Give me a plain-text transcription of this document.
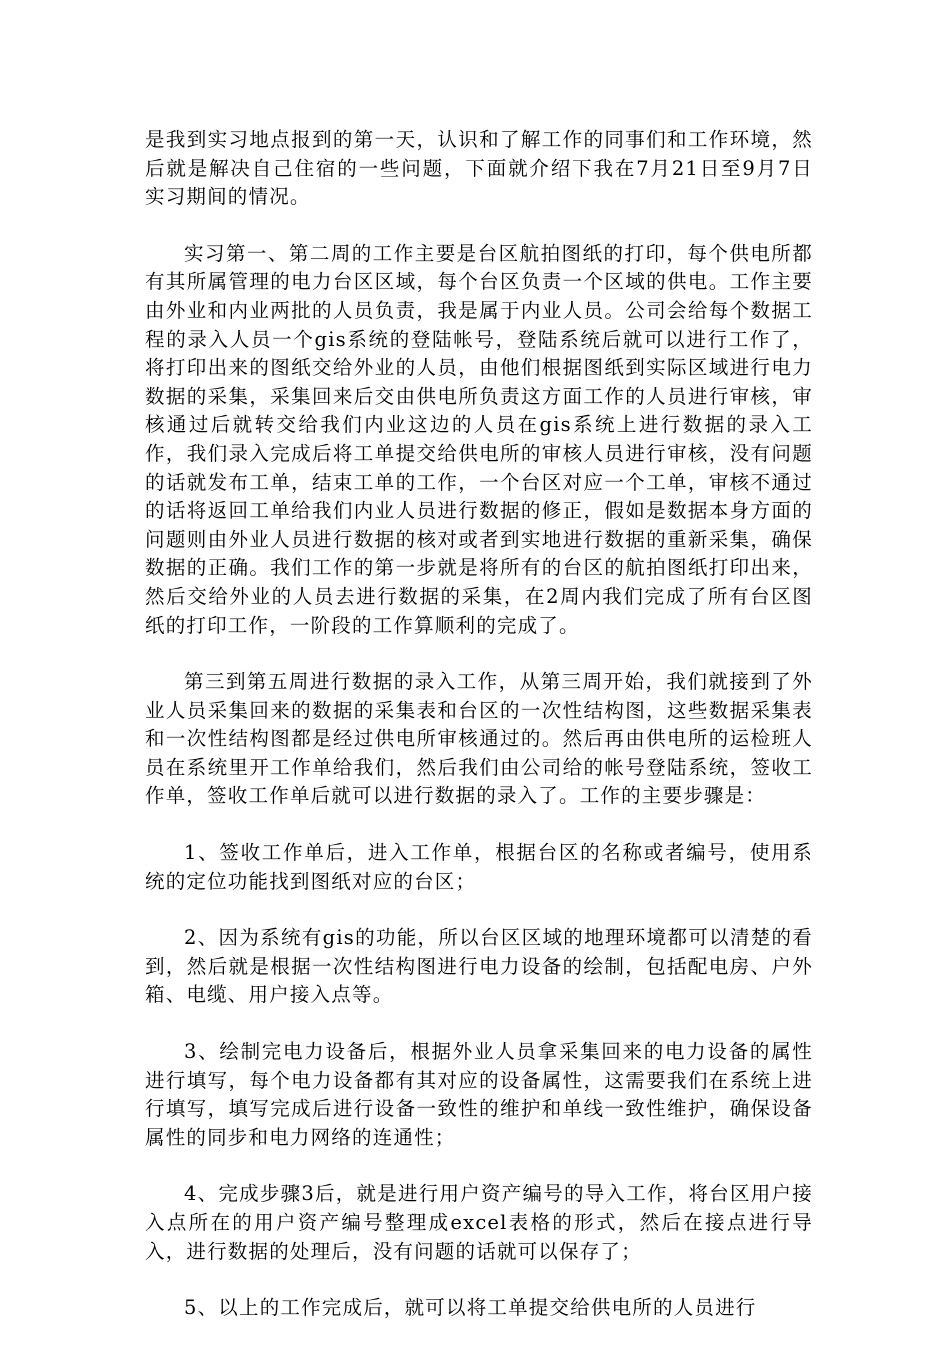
是我到实习地点报到的第一天，认识和了解工作的同事们和工作环境，然后就是解决自己住宿的一些问题，下面就介绍下我在7月21日至9月7日实习期间的情况。

实习第一、第二周的工作主要是台区航拍图纸的打印，每个供电所都有其所属管理的电力台区区域，每个台区负责一个区域的供电。工作主要由外业和内业两批的人员负责，我是属于内业人员。公司会给每个数据工程的录入人员一个gis系统的登陆帐号，登陆系统后就可以进行工作了，将打印出来的图纸交给外业的人员，由他们根据图纸到实际区域进行电力数据的采集，采集回来后交由供电所负责这方面工作的人员进行审核，审核通过后就转交给我们内业这边的人员在gis系统上进行数据的录入工作，我们录入完成后将工单提交给供电所的审核人员进行审核，没有问题的话就发布工单，结束工单的工作，一个台区对应一个工单，审核不通过的话将返回工单给我们内业人员进行数据的修正，假如是数据本身方面的问题则由外业人员进行数据的核对或者到实地进行数据的重新采集，确保数据的正确。我们工作的第一步就是将所有的台区的航拍图纸打印出来，然后交给外业的人员去进行数据的采集，在2周内我们完成了所有台区图纸的打印工作，一阶段的工作算顺利的完成了。

第三到第五周进行数据的录入工作，从第三周开始，我们就接到了外业人员采集回来的数据的采集表和台区的一次性结构图，这些数据采集表和一次性结构图都是经过供电所审核通过的。然后再由供电所的运检班人员在系统里开工作单给我们，然后我们由公司给的帐号登陆系统，签收工作单，签收工作单后就可以进行数据的录入了。工作的主要步骤是：

1、签收工作单后，进入工作单，根据台区的名称或者编号，使用系统的定位功能找到图纸对应的台区；

2、因为系统有gis的功能，所以台区区域的地理环境都可以清楚的看到，然后就是根据一次性结构图进行电力设备的绘制，包括配电房、户外箱、电缆、用户接入点等。

3、绘制完电力设备后，根据外业人员拿采集回来的电力设备的属性进行填写，每个电力设备都有其对应的设备属性，这需要我们在系统上进行填写，填写完成后进行设备一致性的维护和单线一致性维护，确保设备属性的同步和电力网络的连通性；

4、完成步骤3后，就是进行用户资产编号的导入工作，将台区用户接入点所在的用户资产编号整理成excel表格的形式，然后在接点进行导入，进行数据的处理后，没有问题的话就可以保存了；

5、以上的工作完成后，就可以将工单提交给供电所的人员进行
